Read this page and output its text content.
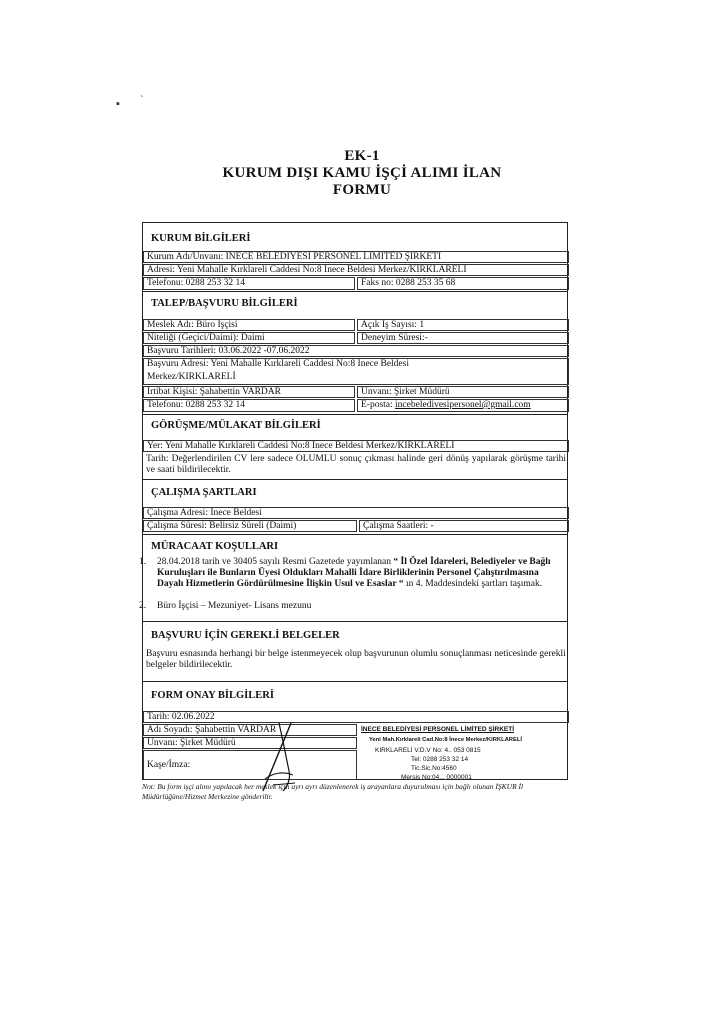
▪ ˋ
EK-1
KURUM DIŞI KAMU İŞÇİ ALIMI İLAN
FORMU
KURUM BİLGİLERİ
Kurum Adı/Unvanı: İNECE BELEDİYESİ PERSONEL LİMİTED ŞİRKETİ
Adresi: Yeni Mahalle Kırklareli Caddesi No:8 İnece Beldesi Merkez/KIRKLARELİ
Telefonu: 0288 253 32 14	Faks no: 0288 253 35 68
TALEP/BAŞVURU BİLGİLERİ
Meslek Adı: Büro İşçisi	Açık İş Sayısı: 1
Niteliği (Geçici/Daimi): Daimi	Deneyim Süresi:-
Başvuru Tarihleri: 03.06.2022 -07.06.2022
Başvuru Adresi: Yeni Mahalle Kırklareli Caddesi No:8 İnece Beldesi
Merkez/KIRKLARELİ
İrtibat Kişisi: Şahabettin VARDAR	Unvanı: Şirket Müdürü
Telefonu: 0288 253 32 14	E-posta: incebeledivesipersonel@gmail.com
GÖRÜŞME/MÜLAKAT BİLGİLERİ
Yer: Yeni Mahalle Kırklareli Caddesi No:8 İnece Beldesi Merkez/KIRKLARELİ
Tarih: Değerlendirilen CV lere sadece OLUMLU sonuç çıkması halinde geri dönüş yapılarak görüşme tarihi ve saati bildirilecektir.
ÇALIŞMA ŞARTLARI
Çalışma Adresi: İnece Beldesi
Çalışma Süresi: Belirsiz Süreli (Daimi)	Çalışma Saatleri: -
MÜRACAAT KOŞULLARI
1.	28.04.2018 tarih ve 30405 sayılı Resmi Gazetede yayımlanan “ İl Özel İdareleri, Belediyeler ve Bağlı Kuruluşları ile Bunların Üyesi Oldukları Mahalli İdare Birliklerinin Personel Çalıştırılmasına Dayalı Hizmetlerin Gördürülmesine İlişkin Usul ve Esaslar “ ın 4. Maddesindeki şartları taşımak.
2. Büro İşçisi – Mezuniyet- Lisans mezunu
BAŞVURU İÇİN GEREKLİ BELGELER
Başvuru esnasında herhangi bir belge istenmeyecek olup başvurunun olumlu sonuçlanması neticesinde gerekli belgeler bildirilecektir.
FORM ONAY BİLGİLERİ
Tarih: 02.06.2022
Adı Soyadı: Şahabettin VARDAR
Unvanı: Şirket Müdürü
Kaşe/İmza:
İNECE BELEDİYESİ PERSONEL LİMİTED ŞİRKETİ
Yeni Mah.Kırklareli Cad.No:8 İnece Merkez/KIRKLARELİ
KIRKLARELİ V.D.V No: 4.. 053 0815
Tel: 0288 253 32 14
Tic.Sic.No:4560
Mersis No:04... 0000001
Not: Bu form işçi alımı yapılacak her meslek için ayrı ayrı düzenlenerek iş arayanlara duyurulması için bağlı olunan İŞKUR İl Müdürlüğüne/Hizmet Merkezine gönderilir.
